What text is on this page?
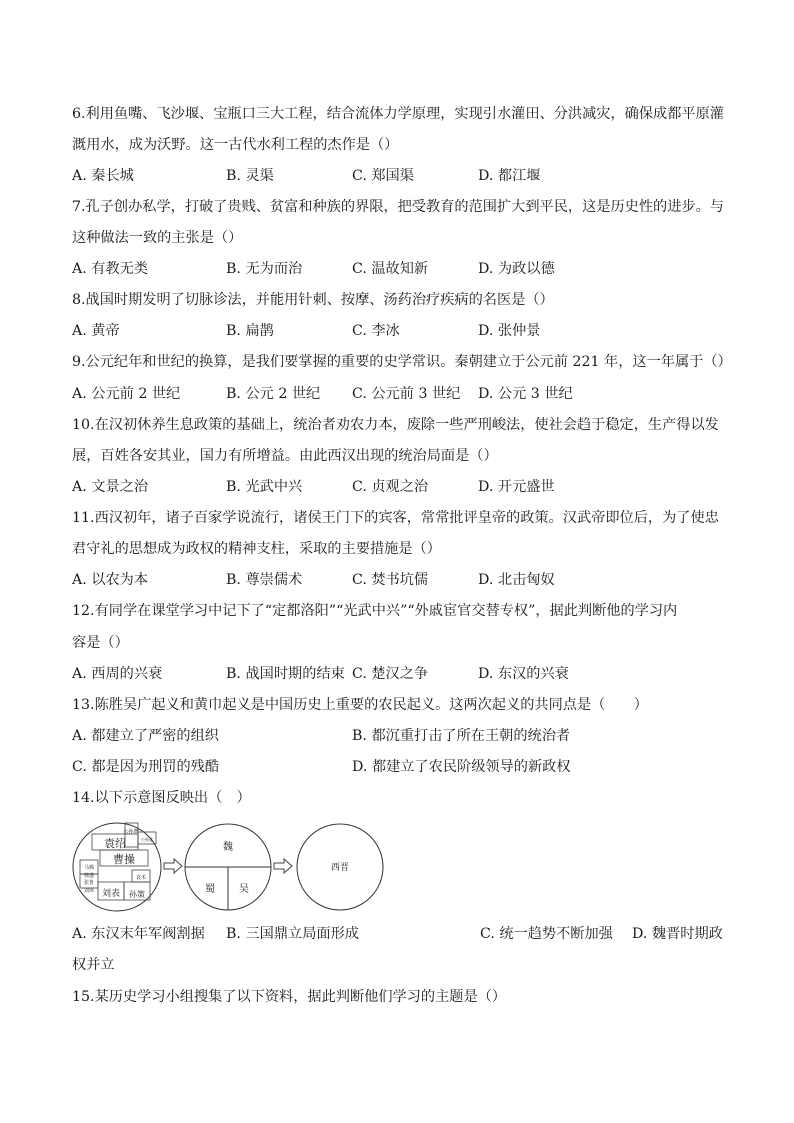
6.利用鱼嘴、飞沙堰、宝瓶口三大工程，结合流体力学原理，实现引水灌田、分洪减灾，确保成都平原灌
溉用水，成为沃野。这一古代水利工程的杰作是（）
A. 秦长城	B. 灵渠	C. 郑国渠	D. 都江堰
7.孔子创办私学，打破了贵贱、贫富和种族的界限，把受教育的范围扩大到平民，这是历史性的进步。与
这种做法一致的主张是（）
A. 有教无类	B. 无为而治	C. 温故知新	D. 为政以德
8.战国时期发明了切脉诊法，并能用针刺、按摩、汤药治疗疾病的名医是（）
A. 黄帝	B. 扁鹊	C. 李冰	D. 张仲景
9.公元纪年和世纪的换算，是我们要掌握的重要的史学常识。秦朝建立于公元前 221 年，这一年属于（）
A. 公元前 2 世纪	B. 公元 2 世纪 C. 公元前 3 世纪 D. 公元 3 世纪
10.在汉初休养生息政策的基础上，统治者劝农力本，废除一些严刑峻法，使社会趋于稳定，生产得以发
展，百姓各安其业，国力有所增益。由此西汉出现的统治局面是（）
A. 文景之治	B. 光武中兴	C. 贞观之治	D. 开元盛世
11.西汉初年，诸子百家学说流行，诸侯王门下的宾客，常常批评皇帝的政策。汉武帝即位后，为了使忠
君守礼的思想成为政权的精神支柱，采取的主要措施是（）
A. 以农为本	B. 尊崇儒术	C. 焚书坑儒	D. 北击匈奴
12.有同学在课堂学习中记下了“定都洛阳”“光武中兴”“外戚宦官交替专权”，据此判断他的学习内
容是（）
A. 西周的兴衰	B. 战国时期的结束 C. 楚汉之争	D. 东汉的兴衰
13.陈胜吴广起义和黄巾起义是中国历史上重要的农民起义。这两次起义的共同点是（　　）
A. 都建立了严密的组织	B. 都沉重打击了所在王朝的统治者
C. 都是因为刑罚的残酷	D. 都建立了农民阶级领导的新政权
14.以下示意图反映出（　）
袁绍
曹操
刘表 孙策
公孙瓒
公孙度
马腾
韩遂
张鲁
刘璋
袁术
魏
蜀 吴
西晋
A. 东汉末年军阀割据 B. 三国鼎立局面形成	C. 统一趋势不断加强 D. 魏晋时期政
权并立
15.某历史学习小组搜集了以下资料，据此判断他们学习的主题是（）
